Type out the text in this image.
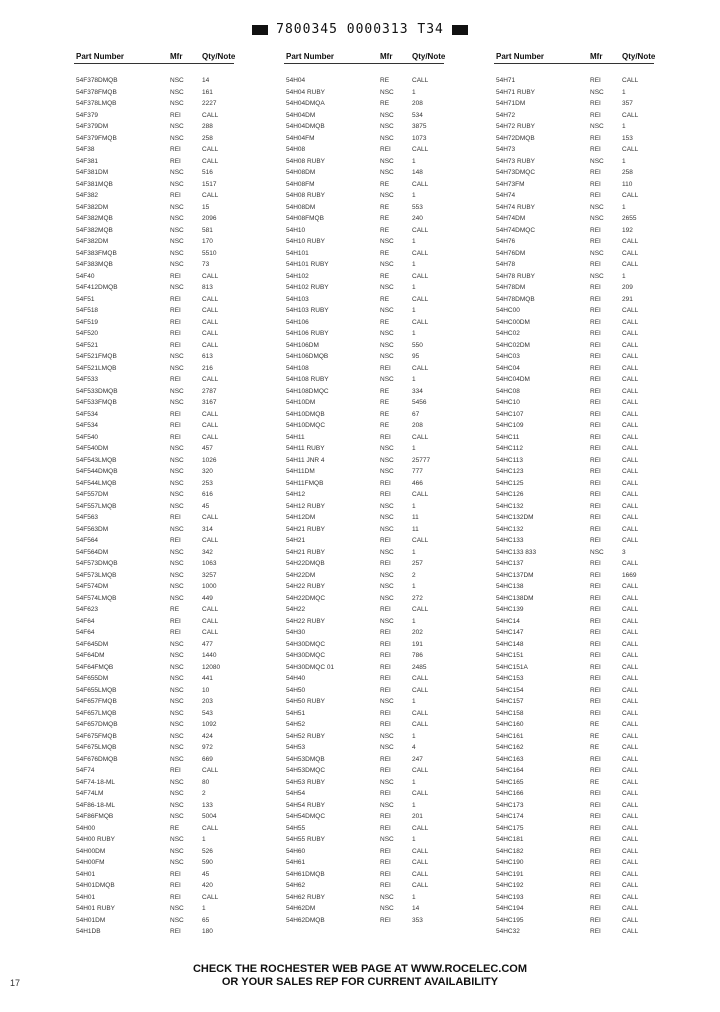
7800345 0000313 T34
Part Number	Mfr Qty/Note
54F378DMQB	NSC	14
54F378FMQB	NSC	161
54F378LMQB	NSC	2227
54F379	REI	CALL
54F379DM	NSC	288
54F379FMQB	NSC	258
54F38	REI	CALL
54F381	REI	CALL
54F381DM	NSC	516
54F381MQB	NSC	1517
54F382	REI	CALL
54F382DM	NSC	15
54F382MQB	NSC	2096
54F382MQB	NSC	581
54F382DM	NSC	170
54F383FMQB	NSC	5510
54F383MQB	NSC	73
54F40	REI	CALL
54F412DMQB	NSC	813
54F51	REI	CALL
54F518	REI	CALL
54F519	REI	CALL
54F520	REI	CALL
54F521	REI	CALL
54F521FMQB	NSC	613
54F521LMQB	NSC	216
54F533	REI	CALL
54F533DMQB	NSC	2787
54F533FMQB	NSC	3167
54F534	REI	CALL
54F534	REI	CALL
54F540	REI	CALL
54F540DM	NSC	457
54F543LMQB	NSC	1026
54F544DMQB	NSC	320
54F544LMQB	NSC	253
54F557DM	NSC	616
54F557LMQB	NSC	45
54F563	REI	CALL
54F563DM	NSC	314
54F564	REI	CALL
54F564DM	NSC	342
54F573DMQB	NSC	1063
54F573LMQB	NSC	3257
54F574DM	NSC	1000
54F574LMQB	NSC	449
54F623	RE	CALL
54F64	REI	CALL
54F64	REI	CALL
54F645DM	NSC	477
54F64DM	NSC	1440
54F64FMQB	NSC	12080
54F655DM	NSC	441
54F655LMQB	NSC	10
54F657FMQB	NSC	203
54F657LMQB	NSC	543
54F657DMQB	NSC	1092
54F675FMQB	NSC	424
54F675LMQB	NSC	972
54F676DMQB	NSC	669
54F74	REI	CALL
54F74-18-ML	NSC	80
54F74LM	NSC	2
54F86-18-ML	NSC	133
54F86FMQB	NSC	5004
54H00	RE	CALL
54H00 RUBY	NSC	1
54H00DM	NSC	526
54H00FM	NSC	590
54H01	REI	45
54H01DMQB	REI	420
54H01	REI	CALL
54H01 RUBY	NSC	1
54H01DM	NSC	65
54H1DB	REI	180
Part Number	Mfr Qty/Note
54H04	RE	CALL
54H04 RUBY	NSC	1
54H04DMQA	RE	208
54H04DM	NSC	534
54H04DMQB	NSC	3875
54H04FM	NSC	1073
54H08	REI	CALL
54H08 RUBY	NSC	1
54H08DM	NSC	148
54H08FM	RE	CALL
54H08 RUBY	NSC	1
54H08DM	RE	553
54H08FMQB	RE	240
54H10	RE	CALL
54H10 RUBY	NSC	1
54H101	RE	CALL
54H101 RUBY	NSC	1
54H102	RE	CALL
54H102 RUBY	NSC	1
54H103	RE	CALL
54H103 RUBY	NSC	1
54H106	RE	CALL
54H106 RUBY	NSC	1
54H106DM	NSC	550
54H106DMQB	NSC	95
54H108	REI	CALL
54H108 RUBY	NSC	1
54H108DMQC	RE	334
54H10DM	RE	5456
54H10DMQB	RE	67
54H10DMQC	RE	208
54H11	REI	CALL
54H11 RUBY	NSC	1
54H11 JNR 4	NSC	25777
54H11DM	NSC	777
54H11FMQB	REI	466
54H12	REI	CALL
54H12 RUBY	NSC	1
54H12DM	NSC	11
54H21 RUBY	NSC	11
54H21	REI	CALL
54H21 RUBY	NSC	1
54H22DMQB	REI	257
54H22DM	NSC	2
54H22 RUBY	NSC	1
54H22DMQC	NSC	272
54H22	REI	CALL
54H22 RUBY	NSC	1
54H30	REI	202
54H30DMQC	REI	191
54H30DMQC	REI	786
54H30DMQC 01	REI	2485
54H40	REI	CALL
54H50	REI	CALL
54H50 RUBY	NSC	1
54H51	REI	CALL
54H52	REI	CALL
54H52 RUBY	NSC	1
54H53	NSC	4
54H53DMQB	REI	247
54H53DMQC	REI	CALL
54H53 RUBY	NSC	1
54H54	REI	CALL
54H54 RUBY	NSC	1
54H54DMQC	REI	201
54H55	REI	CALL
54H55 RUBY	NSC	1
54H60	REI	CALL
54H61	REI	CALL
54H61DMQB	REI	CALL
54H62	REI	CALL
54H62 RUBY	NSC	1
54H62DM	NSC	14
54H62DMQB	REI	353
Part Number	Mfr Qty/Note
54H71	REI	CALL
54H71 RUBY	NSC	1
54H71DM	REI	357
54H72	REI	CALL
54H72 RUBY	NSC	1
54H72DMQB	REI	153
54H73	REI	CALL
54H73 RUBY	NSC	1
54H73DMQC	REI	258
54H73FM	REI	110
54H74	REI	CALL
54H74 RUBY	NSC	1
54H74DM	NSC	2655
54H74DMQC	REI	192
54H76	REI	CALL
54H76DM	NSC	CALL
54H78	REI	CALL
54H78 RUBY	NSC	1
54H78DM	REI	209
54H78DMQB	REI	291
54HC00	REI	CALL
54HC00DM	REI	CALL
54HC02	REI	CALL
54HC02DM	REI	CALL
54HC03	REI	CALL
54HC04	REI	CALL
54HC04DM	REI	CALL
54HC08	REI	CALL
54HC10	REI	CALL
54HC107	REI	CALL
54HC109	REI	CALL
54HC11	REI	CALL
54HC112	REI	CALL
54HC113	REI	CALL
54HC123	REI	CALL
54HC125	REI	CALL
54HC126	REI	CALL
54HC132	REI	CALL
54HC132DM	REI	CALL
54HC132	REI	CALL
54HC133	REI	CALL
54HC133 833	NSC	3
54HC137	REI	CALL
54HC137DM	REI	1669
54HC138	REI	CALL
54HC138DM	REI	CALL
54HC139	REI	CALL
54HC14	REI	CALL
54HC147	REI	CALL
54HC148	REI	CALL
54HC151	REI	CALL
54HC151A	REI	CALL
54HC153	REI	CALL
54HC154	REI	CALL
54HC157	REI	CALL
54HC158	REI	CALL
54HC160	RE	CALL
54HC161	RE	CALL
54HC162	RE	CALL
54HC163	REI	CALL
54HC164	REI	CALL
54HC165	RE	CALL
54HC166	REI	CALL
54HC173	REI	CALL
54HC174	REI	CALL
54HC175	REI	CALL
54HC181	REI	CALL
54HC182	REI	CALL
54HC190	REI	CALL
54HC191	REI	CALL
54HC192	REI	CALL
54HC193	REI	CALL
54HC194	REI	CALL
54HC195	REI	CALL
54HC32	REI	CALL
CHECK THE ROCHESTER WEB PAGE AT WWW.ROCELEC.COM
OR YOUR SALES REP FOR CURRENT AVAILABILITY
17
